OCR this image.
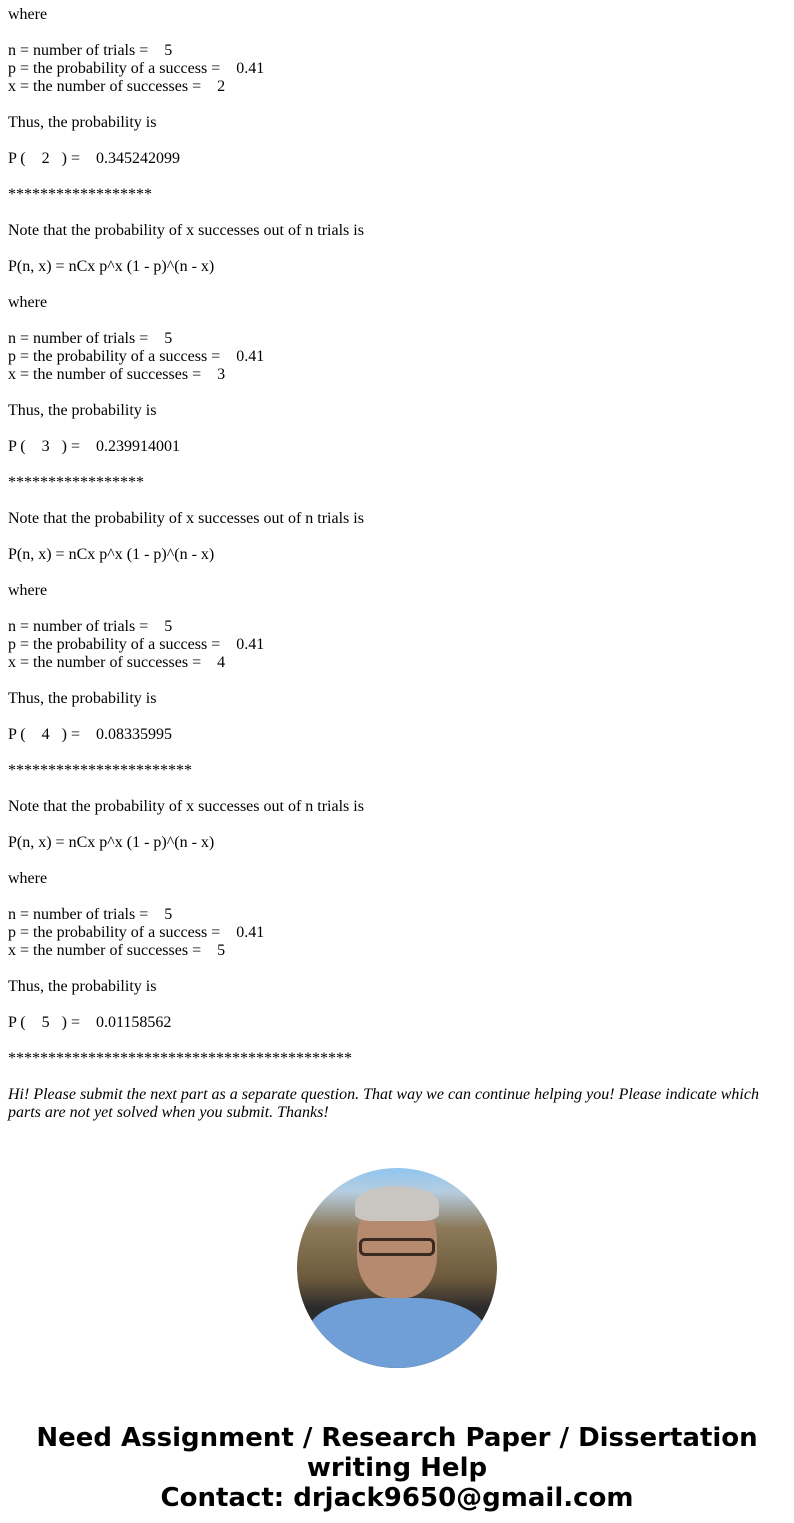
where
n = number of trials =    5
p = the probability of a success =    0.41
x = the number of successes =    2
Thus, the probability is
P (    2   ) =    0.345242099
******************
Note that the probability of x successes out of n trials is
P(n, x) = nCx p^x (1 - p)^(n - x)
where
n = number of trials =    5
p = the probability of a success =    0.41
x = the number of successes =    3
Thus, the probability is
P (    3   ) =    0.239914001
*****************
Note that the probability of x successes out of n trials is
P(n, x) = nCx p^x (1 - p)^(n - x)
where
n = number of trials =    5
p = the probability of a success =    0.41
x = the number of successes =    4
Thus, the probability is
P (    4   ) =    0.08335995
***********************
Note that the probability of x successes out of n trials is
P(n, x) = nCx p^x (1 - p)^(n - x)
where
n = number of trials =    5
p = the probability of a success =    0.41
x = the number of successes =    5
Thus, the probability is
P (    5   ) =    0.01158562
*******************************************
Hi! Please submit the next part as a separate question. That way we can continue helping you! Please indicate which parts are not yet solved when you submit. Thanks!
Need Assignment / Research Paper / Dissertation writing Help
Contact: drjack9650@gmail.com
